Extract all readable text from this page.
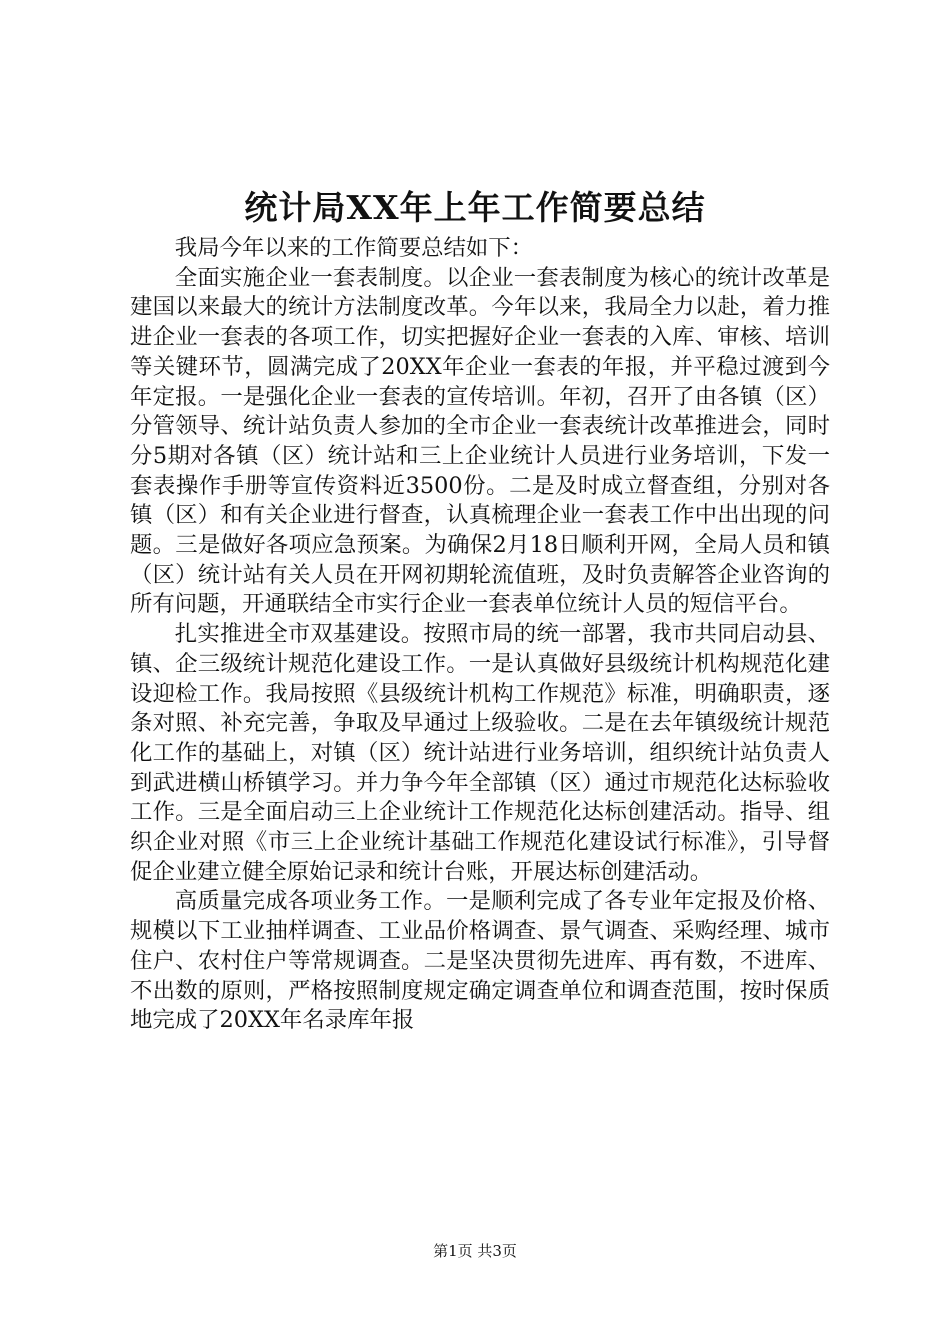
统计局XX年上年工作简要总结

我局今年以来的工作简要总结如下：

全面实施企业一套表制度。以企业一套表制度为核心的统计改革是建国以来最大的统计方法制度改革。今年以来，我局全力以赴，着力推进企业一套表的各项工作，切实把握好企业一套表的入库、审核、培训等关键环节，圆满完成了20XX年企业一套表的年报，并平稳过渡到今年定报。一是强化企业一套表的宣传培训。年初，召开了由各镇（区）分管领导、统计站负责人参加的全市企业一套表统计改革推进会，同时分5期对各镇（区）统计站和三上企业统计人员进行业务培训，下发一套表操作手册等宣传资料近3500份。二是及时成立督查组，分别对各镇（区）和有关企业进行督查，认真梳理企业一套表工作中出出现的问题。三是做好各项应急预案。为确保2月18日顺利开网，全局人员和镇（区）统计站有关人员在开网初期轮流值班，及时负责解答企业咨询的所有问题，开通联结全市实行企业一套表单位统计人员的短信平台。

扎实推进全市双基建设。按照市局的统一部署，我市共同启动县、镇、企三级统计规范化建设工作。一是认真做好县级统计机构规范化建设迎检工作。我局按照《县级统计机构工作规范》标准，明确职责，逐条对照、补充完善，争取及早通过上级验收。二是在去年镇级统计规范化工作的基础上，对镇（区）统计站进行业务培训，组织统计站负责人到武进横山桥镇学习。并力争今年全部镇（区）通过市规范化达标验收工作。三是全面启动三上企业统计工作规范化达标创建活动。指导、组织企业对照《市三上企业统计基础工作规范化建设试行标准》，引导督促企业建立健全原始记录和统计台账，开展达标创建活动。

高质量完成各项业务工作。一是顺利完成了各专业年定报及价格、规模以下工业抽样调查、工业品价格调查、景气调查、采购经理、城市住户、农村住户等常规调查。二是坚决贯彻先进库、再有数，不进库、不出数的原则，严格按照制度规定确定调查单位和调查范围，按时保质地完成了20XX年名录库年报

第1页 共3页
